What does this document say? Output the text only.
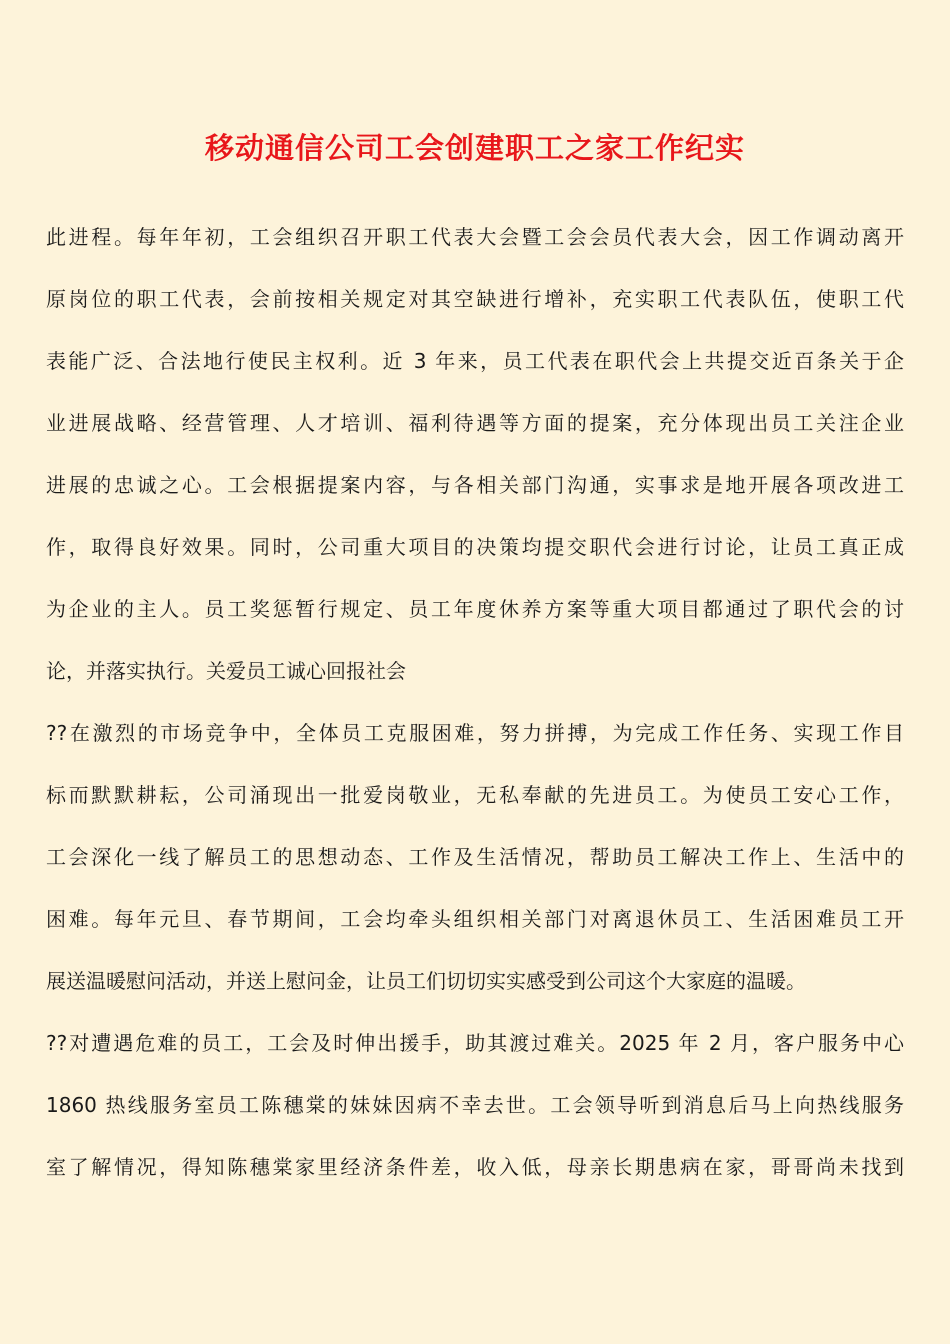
移动通信公司工会创建职工之家工作纪实
此进程。每年年初，工会组织召开职工代表大会暨工会会员代表大会，因工作调动离开
原岗位的职工代表，会前按相关规定对其空缺进行增补，充实职工代表队伍，使职工代
表能广泛、合法地行使民主权利。近 3 年来，员工代表在职代会上共提交近百条关于企
业进展战略、经营管理、人才培训、福利待遇等方面的提案，充分体现出员工关注企业
进展的忠诚之心。工会根据提案内容，与各相关部门沟通，实事求是地开展各项改进工
作，取得良好效果。同时，公司重大项目的决策均提交职代会进行讨论，让员工真正成
为企业的主人。员工奖惩暂行规定、员工年度休养方案等重大项目都通过了职代会的讨
论，并落实执行。关爱员工诚心回报社会
??在激烈的市场竞争中，全体员工克服困难，努力拼搏，为完成工作任务、实现工作目
标而默默耕耘，公司涌现出一批爱岗敬业，无私奉献的先进员工。为使员工安心工作，
工会深化一线了解员工的思想动态、工作及生活情况，帮助员工解决工作上、生活中的
困难。每年元旦、春节期间，工会均牵头组织相关部门对离退休员工、生活困难员工开
展送温暖慰问活动，并送上慰问金，让员工们切切实实感受到公司这个大家庭的温暖。
??对遭遇危难的员工，工会及时伸出援手，助其渡过难关。2025 年 2 月，客户服务中心
1860 热线服务室员工陈穗棠的妹妹因病不幸去世。工会领导听到消息后马上向热线服务
室了解情况，得知陈穗棠家里经济条件差，收入低，母亲长期患病在家，哥哥尚未找到
